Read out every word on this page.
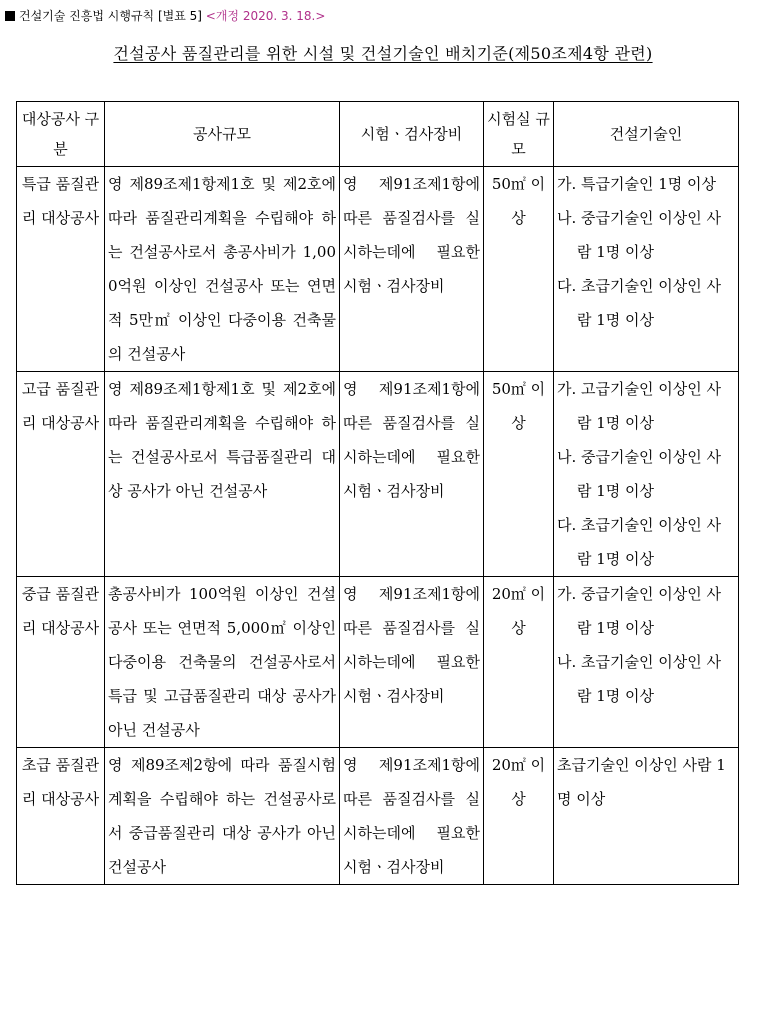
건설기술 진흥법 시행규칙 [별표 5] <개정 2020. 3. 18.>
건설공사 품질관리를 위한 시설 및 건설기술인 배치기준(제50조제4항 관련)
대상공사 구분	공사규모	시험ㆍ검사장비	시험실 규모	건설기술인
특급 품질관리 대상공사	영 제89조제1항제1호 및 제2호에 따라 품질관리계획을 수립해야 하는 건설공사로서 총공사비가 1,000억원 이상인 건설공사 또는 연면적 5만㎡ 이상인 다중이용 건축물의 건설공사	영 제91조제1항에 따른 품질검사를 실시하는데에 필요한 시험ㆍ검사장비	50㎡ 이상	가. 특급기술인 1명 이상
나. 중급기술인 이상인 사람 1명 이상
다. 초급기술인 이상인 사람 1명 이상

고급 품질관리 대상공사	영 제89조제1항제1호 및 제2호에 따라 품질관리계획을 수립해야 하는 건설공사로서 특급품질관리 대상 공사가 아닌 건설공사	영 제91조제1항에 따른 품질검사를 실시하는데에 필요한 시험ㆍ검사장비	50㎡ 이상	가. 고급기술인 이상인 사람 1명 이상
나. 중급기술인 이상인 사람 1명 이상
다. 초급기술인 이상인 사람 1명 이상

중급 품질관리 대상공사	총공사비가 100억원 이상인 건설공사 또는 연면적 5,000㎡ 이상인 다중이용 건축물의 건설공사로서 특급 및 고급품질관리 대상 공사가 아닌 건설공사	영 제91조제1항에 따른 품질검사를 실시하는데에 필요한 시험ㆍ검사장비	20㎡ 이상	가. 중급기술인 이상인 사람 1명 이상
나. 초급기술인 이상인 사람 1명 이상

초급 품질관리 대상공사	영 제89조제2항에 따라 품질시험계획을 수립해야 하는 건설공사로서 중급품질관리 대상 공사가 아닌 건설공사	영 제91조제1항에 따른 품질검사를 실시하는데에 필요한 시험ㆍ검사장비	20㎡ 이상	초급기술인 이상인 사람 1명 이상
